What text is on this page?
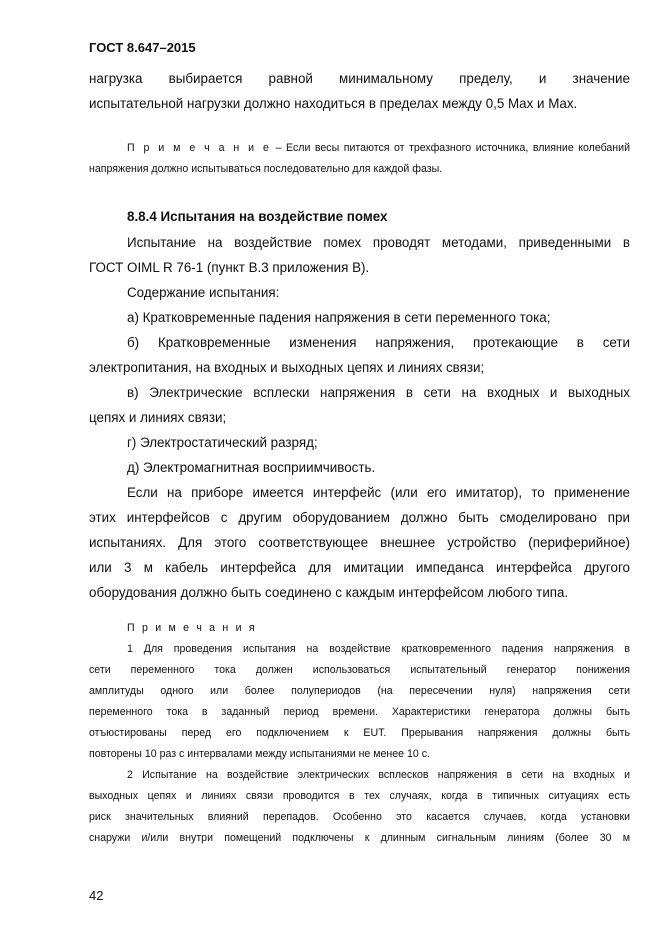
ГОСТ 8.647–2015

нагрузка выбирается равной минимальному пределу, и значение

испытательной нагрузки должно находиться в пределах между 0,5 Max и Max.

П р и м е ч а н и е – Если весы питаются от трехфазного источника, влияние колебаний

напряжения должно испытываться последовательно для каждой фазы.

8.8.4 Испытания на воздействие помех

Испытание на воздействие помех проводят методами, приведенными в

ГОСТ OIML R 76-1 (пункт В.3 приложения В).

Содержание испытания:

а) Кратковременные падения напряжения в сети переменного тока;

б) Кратковременные изменения напряжения, протекающие в сети

электропитания, на входных и выходных цепях и линиях связи;

в) Электрические всплески напряжения в сети на входных и выходных

цепях и линиях связи;

г) Электростатический разряд;

д) Электромагнитная восприимчивость.

Если на приборе имеется интерфейс (или его имитатор), то применение

этих интерфейсов с другим оборудованием должно быть смоделировано при

испытаниях. Для этого соответствующее внешнее устройство (периферийное)

или 3 м кабель интерфейса для имитации импеданса интерфейса другого

оборудования должно быть соединено с каждым интерфейсом любого типа.

П р и м е ч а н и я

1 Для проведения испытания на воздействие кратковременного падения напряжения в

сети переменного тока должен использоваться испытательный генератор понижения

амплитуды одного или более полупериодов (на пересечении нуля) напряжения сети

переменного тока в заданный период времени. Характеристики генератора должны быть

отъюстированы перед его подключением к EUT. Прерывания напряжения должны быть

повторены 10 раз с интервалами между испытаниями не менее 10 с.

2 Испытание на воздействие электрических всплесков напряжения в сети на входных и

выходных цепях и линиях связи проводится в тех случаях, когда в типичных ситуациях есть

риск значительных влияний перепадов. Особенно это касается случаев, когда установки

снаружи и/или внутри помещений подключены к длинным сигнальным линиям (более 30 м

42
